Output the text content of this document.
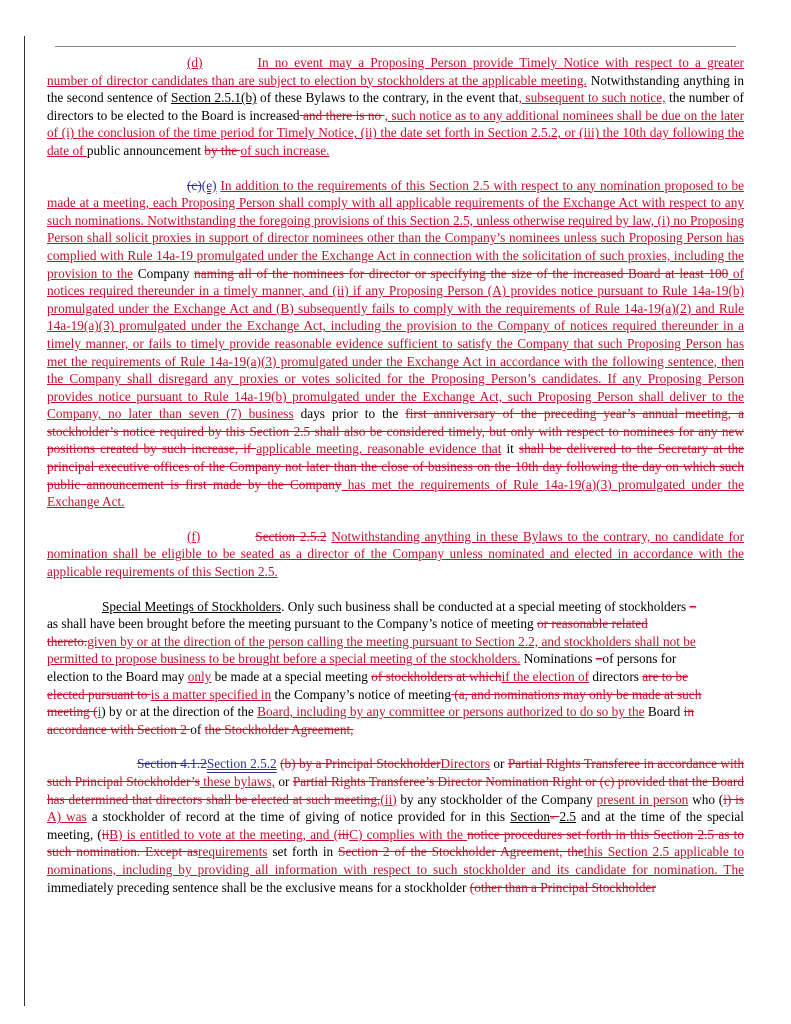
(d)	In no event may a Proposing Person provide Timely Notice with respect to a greater number of director candidates than are subject to election by stockholders at the applicable meeting. Notwithstanding anything in the second sentence of Section 2.5.1(b) of these Bylaws to the contrary, in the event that, subsequent to such notice, the number of directors to be elected to the Board is increased and there is no , such notice as to any additional nominees shall be due on the later of (i) the conclusion of the time period for Timely Notice, (ii) the date set forth in Section 2.5.2, or (iii) the 10th day following the date of public announcement by the of such increase.

(c)(e) In addition to the requirements of this Section 2.5 with respect to any nomination proposed to be made at a meeting, each Proposing Person shall comply with all applicable requirements of the Exchange Act with respect to any such nominations. Notwithstanding the foregoing provisions of this Section 2.5, unless otherwise required by law, (i) no Proposing Person shall solicit proxies in support of director nominees other than the Company’s nominees unless such Proposing Person has complied with Rule 14a-19 promulgated under the Exchange Act in connection with the solicitation of such proxies, including the provision to the Company naming all of the nominees for director or specifying the size of the increased Board at least 100 of notices required thereunder in a timely manner, and (ii) if any Proposing Person (A) provides notice pursuant to Rule 14a-19(b) promulgated under the Exchange Act and (B) subsequently fails to comply with the requirements of Rule 14a-19(a)(2) and Rule 14a-19(a)(3) promulgated under the Exchange Act, including the provision to the Company of notices required thereunder in a timely manner, or fails to timely provide reasonable evidence sufficient to satisfy the Company that such Proposing Person has met the requirements of Rule 14a-19(a)(3) promulgated under the Exchange Act in accordance with the following sentence, then the Company shall disregard any proxies or votes solicited for the Proposing Person’s candidates. If any Proposing Person provides notice pursuant to Rule 14a-19(b) promulgated under the Exchange Act, such Proposing Person shall deliver to the Company, no later than seven (7) business days prior to the first anniversary of the preceding year’s annual meeting, a stockholder’s notice required by this Section 2.5 shall also be considered timely, but only with respect to nominees for any new positions created by such increase, if applicable meeting, reasonable evidence that it shall be delivered to the Secretary at the principal executive offices of the Company not later than the close of business on the 10th day following the day on which such public announcement is first made by the Company has met the requirements of Rule 14a-19(a)(3) promulgated under the Exchange Act.

(f)	Section 2.5.2 Notwithstanding anything in these Bylaws to the contrary, no candidate for nomination shall be eligible to be seated as a director of the Company unless nominated and elected in accordance with the applicable requirements of this Section 2.5.

Special Meetings of Stockholders. Only such business shall be conducted at a special meeting of stockholders –as shall have been brought before the meeting pursuant to the Company’s notice of meeting or reasonable related thereto.given by or at the direction of the person calling the meeting pursuant to Section 2.2, and stockholders shall not be permitted to propose business to be brought before a special meeting of the stockholders. Nominations –of persons for election to the Board may only be made at a special meeting of stockholders at whichif the election of directors are to be elected pursuant to is a matter specified in the Company’s notice of meeting (a, and nominations may only be made at such meeting (i) by or at the direction of the Board, including by any committee or persons authorized to do so by the Board in accordance with Section 2 of the Stockholder Agreement,

Section 4.1.2Section 2.5.2 (b) by a Principal StockholderDirectors or Partial Rights Transferee in accordance with such Principal Stockholder’s these bylaws, or Partial Rights Transferee’s Director Nomination Right or (c) provided that the Board has determined that directors shall be elected at such meeting,(ii) by any stockholder of the Company present in person who (i) is A) was a stockholder of record at the time of giving of notice provided for in this Section- 2.5 and at the time of the special meeting, (iiB) is entitled to vote at the meeting, and (iiiC) complies with the notice procedures set forth in this Section 2.5 as to such nomination. Except asrequirements set forth in Section 2 of the Stockholder Agreement, thethis Section 2.5 applicable to nominations, including by providing all information with respect to such stockholder and its candidate for nomination. The immediately preceding sentence shall be the exclusive means for a stockholder (other than a Principal Stockholder
